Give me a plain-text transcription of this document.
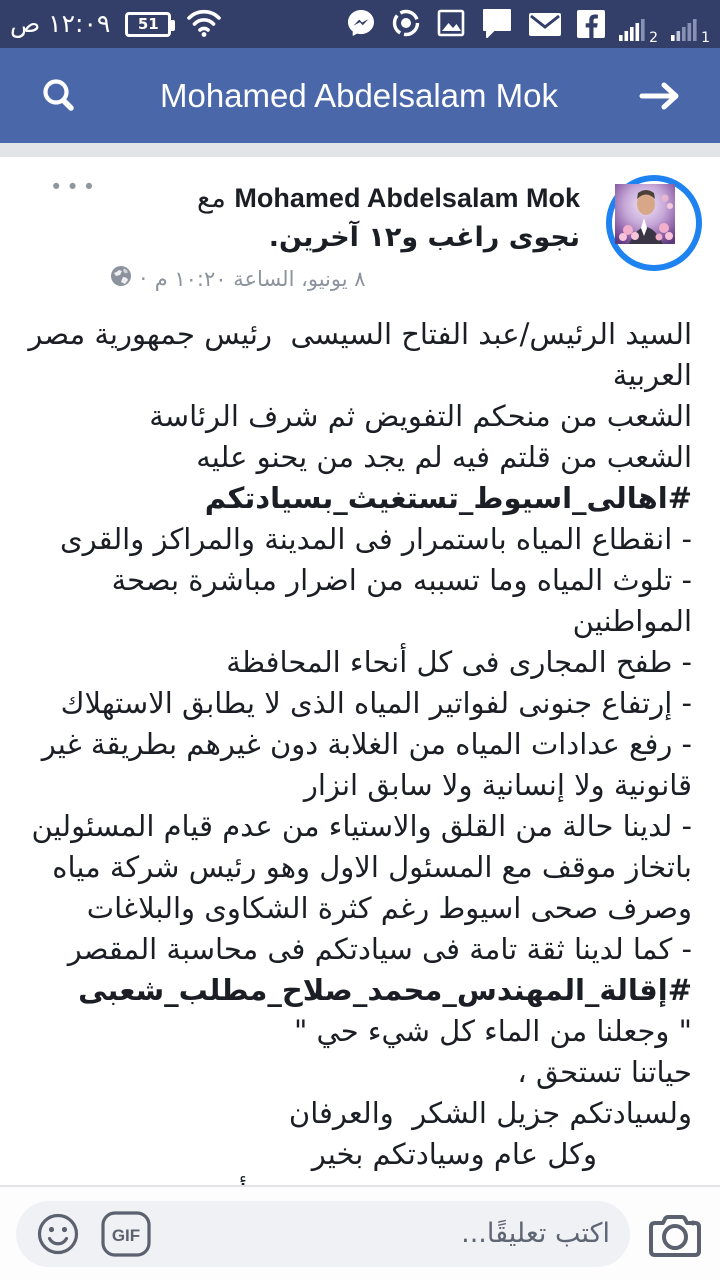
١٢:٠٩ ص 51
2	1
Mohamed Abdelsalam Mok
•••	Mohamed Abdelsalam Mok مع
نجوى راغب و١٢ آخرين.
٨ يونيو، الساعة ١٠:٢٠ م
·
السيد الرئيس/عبد الفتاح السيسى  رئيس جمهورية مصر
العربية
الشعب من منحكم التفويض ثم شرف الرئاسة
الشعب من قلتم فيه لم يجد من يحنو عليه
#اهالى_اسيوط_تستغيث_بسيادتكم
- انقطاع المياه باستمرار فى المدينة والمراكز والقرى
- تلوث المياه وما تسببه من اضرار مباشرة بصحة المواطنين
- طفح المجارى فى كل أنحاء المحافظة
- إرتفاع جنونى لفواتير المياه الذى لا يطابق الاستهلاك
- رفع عدادات المياه من الغلابة دون غيرهم بطريقة غير
قانونية ولا إنسانية ولا سابق انزار
- لدينا حالة من القلق والاستياء من عدم قيام المسئولين
باتخاز موقف مع المسئول الاول وهو رئيس شركة مياه
وصرف صحى اسيوط رغم كثرة الشكاوى والبلاغات
- كما لدينا ثقة تامة فى سيادتكم فى محاسبة المقصر
#إقالة_المهندس_محمد_صلاح_مطلب_شعبى
" وجعلنا من الماء كل شيء حي "
حياتنا تستحق ،
ولسيادتكم جزيل الشكر  والعرفان
وكل عام وسيادتكم بخير
GIF	اكتب تعليقًا...
